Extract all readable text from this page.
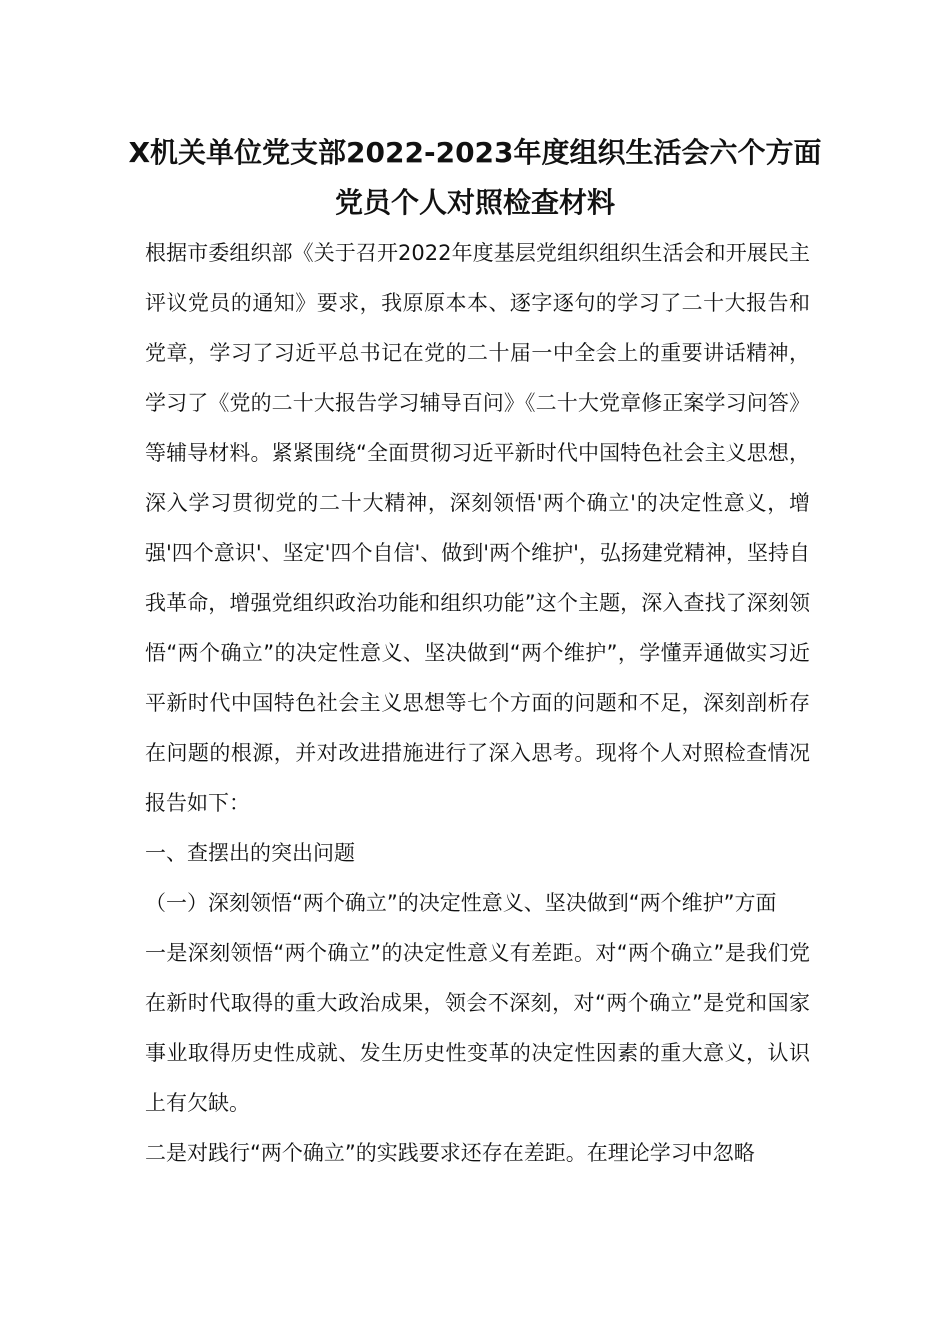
X机关单位党支部2022-2023年度组织生活会六个方面党员个人对照检查材料

根据市委组织部《关于召开2022年度基层党组织组织生活会和开展民主评议党员的通知》要求，我原原本本、逐字逐句的学习了二十大报告和党章，学习了习近平总书记在党的二十届一中全会上的重要讲话精神，学习了《党的二十大报告学习辅导百问》《二十大党章修正案学习问答》等辅导材料。紧紧围绕“全面贯彻习近平新时代中国特色社会主义思想，深入学习贯彻党的二十大精神，深刻领悟'两个确立'的决定性意义，增强'四个意识'、坚定'四个自信'、做到'两个维护'，弘扬建党精神，坚持自我革命，增强党组织政治功能和组织功能”这个主题，深入查找了深刻领悟“两个确立”的决定性意义、坚决做到“两个维护”，学懂弄通做实习近平新时代中国特色社会主义思想等七个方面的问题和不足，深刻剖析存在问题的根源，并对改进措施进行了深入思考。现将个人对照检查情况报告如下：

一、查摆出的突出问题

（一）深刻领悟“两个确立”的决定性意义、坚决做到“两个维护”方面

一是深刻领悟“两个确立”的决定性意义有差距。对“两个确立”是我们党在新时代取得的重大政治成果，领会不深刻，对“两个确立”是党和国家事业取得历史性成就、发生历史性变革的决定性因素的重大意义，认识上有欠缺。

二是对践行“两个确立”的实践要求还存在差距。在理论学习中忽略
